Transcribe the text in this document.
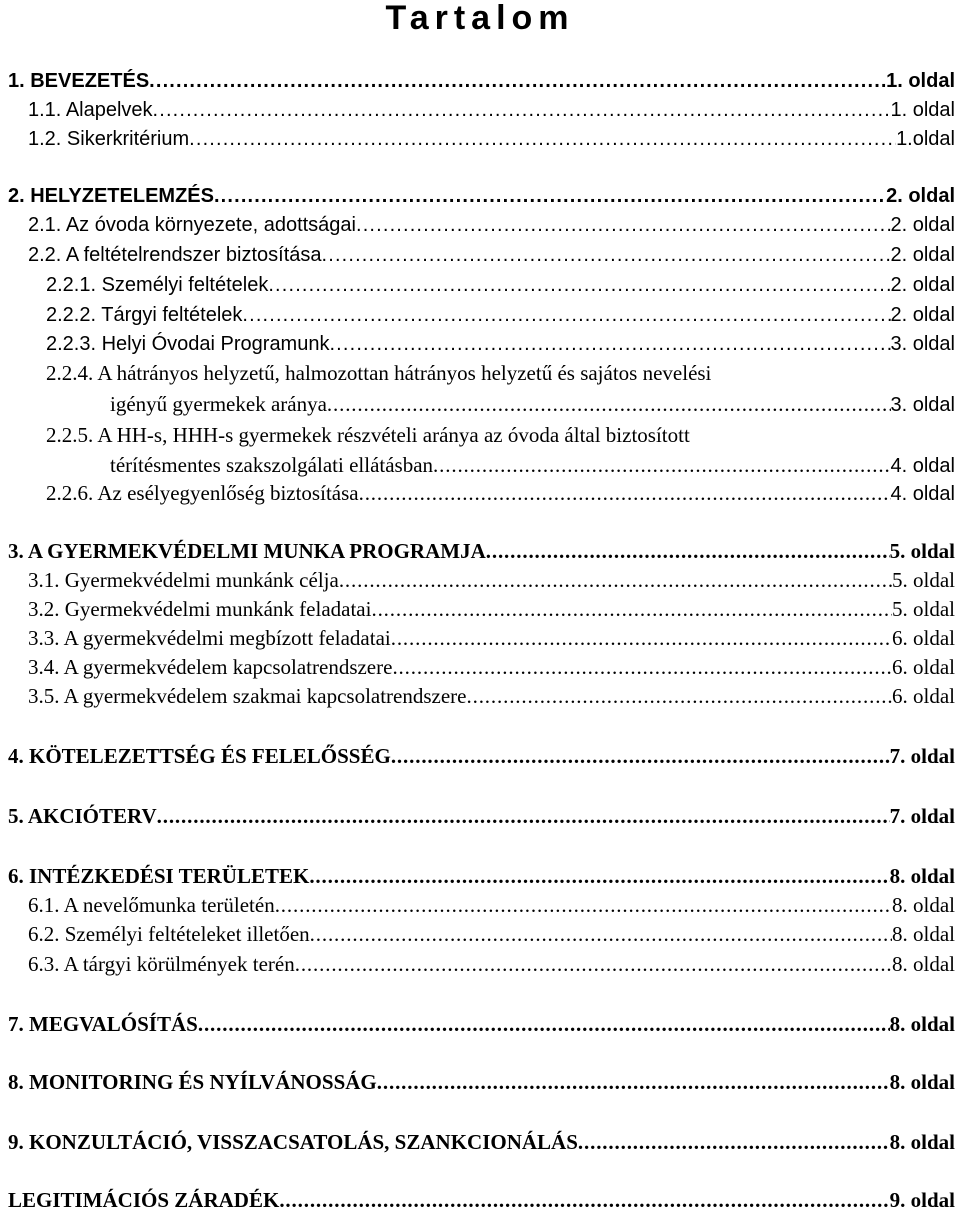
Tartalom
1. BEVEZETÉS . . .	1. oldal
1.1. Alapelvek . . .	1. oldal
1.2. Sikerkritérium . . .	1.oldal
2. HELYZETELEMZÉS . . .	2. oldal
2.1. Az óvoda környezete, adottságai . . .	2. oldal
2.2. A feltételrendszer biztosítása . . .	2. oldal
2.2.1. Személyi feltételek . . .	2. oldal
2.2.2. Tárgyi feltételek . . .	2. oldal
2.2.3. Helyi Óvodai Programunk . . .	3. oldal
2.2.4. A hátrányos helyzetű, halmozottan hátrányos helyzetű és sajátos nevelési
igényű gyermekek aránya . . .	3. oldal
2.2.5. A HH-s, HHH-s gyermekek részvételi aránya az óvoda által biztosított
térítésmentes szakszolgálati ellátásban . . .	4. oldal
2.2.6. Az esélyegyenlőség biztosítása . . .	4. oldal
3. A GYERMEKVÉDELMI MUNKA PROGRAMJA . . .	5. oldal
3.1. Gyermekvédelmi munkánk célja . . .	5. oldal
3.2. Gyermekvédelmi munkánk feladatai . . .	5. oldal
3.3. A gyermekvédelmi megbízott feladatai . . .	6. oldal
3.4. A gyermekvédelem kapcsolatrendszere . . .	6. oldal
3.5. A gyermekvédelem szakmai kapcsolatrendszere . . .	6. oldal
4. KÖTELEZETTSÉG ÉS FELELŐSSÉG . . .	7. oldal
5. AKCIÓTERV . . .	7. oldal
6. INTÉZKEDÉSI TERÜLETEK . . .	8. oldal
6.1. A nevelőmunka területén . . .	8. oldal
6.2. Személyi feltételeket illetően . . .	8. oldal
6.3. A tárgyi körülmények terén . . .	8. oldal
7. MEGVALÓSÍTÁS . . .	8. oldal
8. MONITORING ÉS NYÍLVÁNOSSÁG . . .	8. oldal
9. KONZULTÁCIÓ, VISSZACSATOLÁS, SZANKCIONÁLÁS . . .	8. oldal
LEGITIMÁCIÓS ZÁRADÉK . . .	9. oldal
